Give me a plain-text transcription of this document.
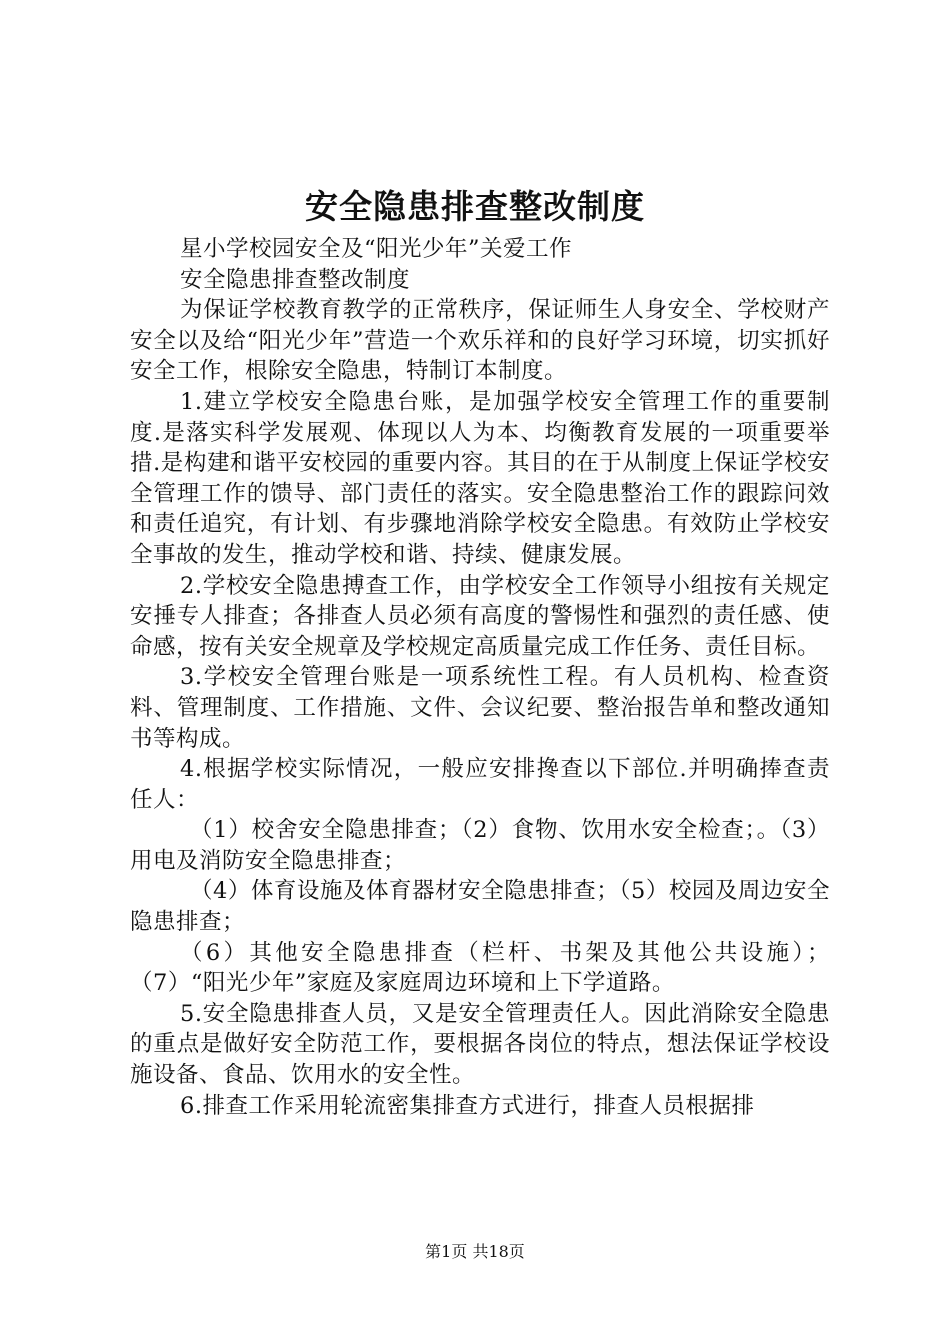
安全隐患排查整改制度

星小学校园安全及“阳光少年”关爱工作

安全隐患排查整改制度

为保证学校教育教学的正常秩序，保证师生人身安全、学校财产安全以及给“阳光少年”营造一个欢乐祥和的良好学习环境，切实抓好安全工作，根除安全隐患，特制订本制度。

1.建立学校安全隐患台账，是加强学校安全管理工作的重要制度.是落实科学发展观、体现以人为本、均衡教育发展的一项重要举措.是构建和谐平安校园的重要内容。其目的在于从制度上保证学校安全管理工作的馈导、部门责任的落实。安全隐患整治工作的跟踪问效和责任追究，有计划、有步骤地消除学校安全隐患。有效防止学校安全事故的发生，推动学校和谐、持续、健康发展。

2.学校安全隐患搏查工作，由学校安全工作领导小组按有关规定安捶专人排查；各排查人员必须有高度的警惕性和强烈的责任感、使命感，按有关安全规章及学校规定高质量完成工作任务、责任目标。

3.学校安全管理台账是一项系统性工程。有人员机构、检查资料、管理制度、工作措施、文件、会议纪要、整治报告单和整改通知书等构成。

4.根据学校实际情况，一般应安排搀查以下部位.并明确捧查责任人：

（1）校舍安全隐患排查；（2）食物、饮用水安全检查；。（3）用电及消防安全隐患排查；

（4）体育设施及体育器材安全隐患排查；（5）校园及周边安全隐患排查；

（6）其他安全隐患排查（栏杆、书架及其他公共设施）；（7）“阳光少年”家庭及家庭周边环境和上下学道路。

5.安全隐患排查人员，又是安全管理责任人。因此消除安全隐患的重点是做好安全防范工作，要根据各岗位的特点，想法保证学校设施设备、食品、饮用水的安全性。

6.排查工作采用轮流密集排查方式进行，排查人员根据排

第1页 共18页
